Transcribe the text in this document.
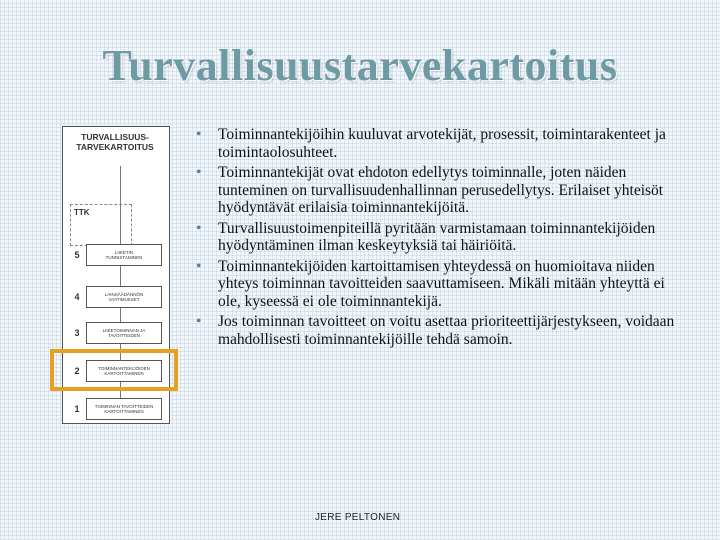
Turvallisuustarvekartoitus
TURVALLISUUS-
TARVEKARTOITUS
TTK
5	LIIKETIN
TUNNISTAMINEN
4	LAINSÄÄDÄNNÖN
VAATIMUKSET
3	LIIKETOIMINNAN JA
TAVOITTEIDEN
2	TOIMINNANTEKIJÖIDEN
KARTOITTAMINEN
1	TOIMINNAN TAVOITTEIDEN
KARTOITTAMINEN
• Toiminnantekijöihin kuuluvat arvotekijät, prosessit, toimintarakenteet ja toimintaolosuhteet.
• Toiminnantekijät ovat ehdoton edellytys toiminnalle, joten näiden tunteminen on turvallisuudenhallinnan perusedellytys. Erilaiset yhteisöt hyödyntävät erilaisia toiminnantekijöitä.
• Turvallisuustoimenpiteillä pyritään varmistamaan toiminnantekijöiden hyödyntäminen ilman keskeytyksiä tai häiriöitä.
• Toiminnantekijöiden kartoittamisen yhteydessä on huomioitava niiden yhteys toiminnan tavoitteiden saavuttamiseen. Mikäli mitään yhteyttä ei ole, kyseessä ei ole toiminnantekijä.
• Jos toiminnan tavoitteet on voitu asettaa prioriteettijärjestykseen, voidaan mahdollisesti toiminnantekijöille tehdä samoin.
JERE PELTONEN
